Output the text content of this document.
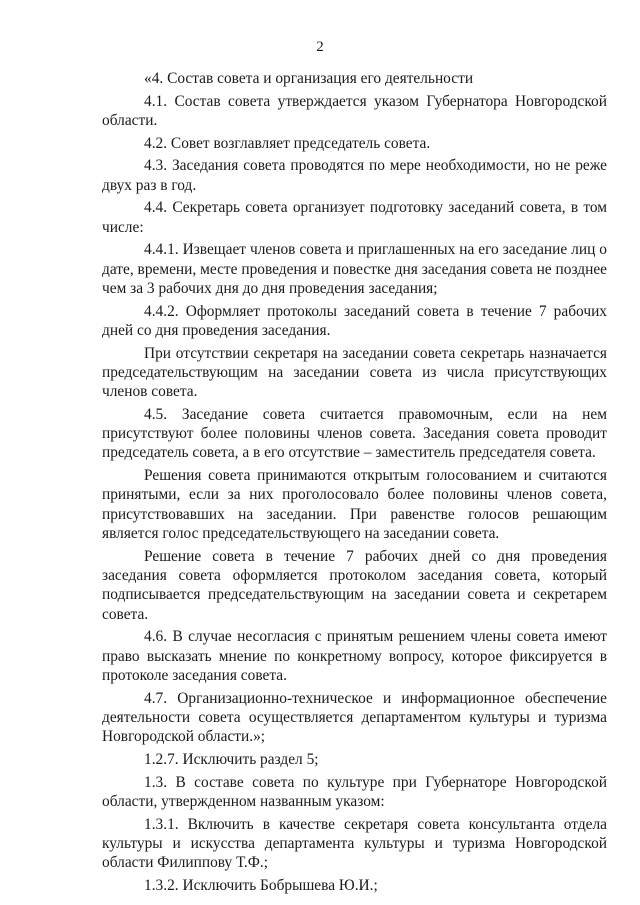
2

«4. Состав совета и организация его деятельности

4.1. Состав совета утверждается указом Губернатора Новгородской области.

4.2. Совет возглавляет председатель совета.

4.3. Заседания совета проводятся по мере необходимости, но не реже двух раз в год.

4.4. Секретарь совета организует подготовку заседаний совета, в том числе:

4.4.1. Извещает членов совета и приглашенных на его заседание лиц о дате, времени, месте проведения и повестке дня заседания совета не позднее чем за 3 рабочих дня до дня проведения заседания;

4.4.2. Оформляет протоколы заседаний совета в течение 7 рабочих дней со дня проведения заседания.

При отсутствии секретаря на заседании совета секретарь назначается председательствующим на заседании совета из числа присутствующих членов совета.

4.5. Заседание совета считается правомочным, если на нем присутствуют более половины членов совета. Заседания совета проводит председатель совета, а в его отсутствие – заместитель председателя совета.

Решения совета принимаются открытым голосованием и считаются принятыми, если за них проголосовало более половины членов совета, присутствовавших на заседании. При равенстве голосов решающим является голос председательствующего на заседании совета.

Решение совета в течение 7 рабочих дней со дня проведения заседания совета оформляется протоколом заседания совета, который подписывается председательствующим на заседании совета и секретарем совета.

4.6. В случае несогласия с принятым решением члены совета имеют право высказать мнение по конкретному вопросу, которое фиксируется в протоколе заседания совета.

4.7. Организационно-техническое и информационное обеспечение деятельности совета осуществляется департаментом культуры и туризма Новгородской области.»;

1.2.7. Исключить раздел 5;

1.3. В составе совета по культуре при Губернаторе Новгородской области, утвержденном названным указом:

1.3.1. Включить в качестве секретаря совета консультанта отдела культуры и искусства департамента культуры и туризма Новгородской области Филиппову Т.Ф.;

1.3.2. Исключить Бобрышева Ю.И.;
